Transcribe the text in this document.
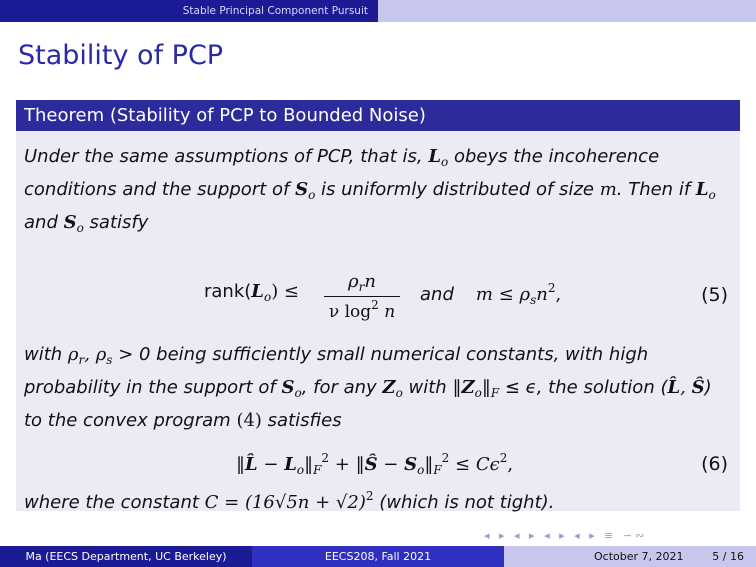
Stable Principal Component Pursuit
Stability of PCP
Theorem (Stability of PCP to Bounded Noise)
Under the same assumptions of PCP, that is, $L_o$ obeys the incoherence conditions and the support of $S_o$ is uniformly distributed of size m. Then if $L_o$ and $S_o$ satisfy
$rank(L_o)$ ≤	$\rho_rn$
ν $\log^2 n$
and $m \le \rho_sn^2$,	(5)
with $\rho_r$, $\rho_s > 0$ being sufficiently small numerical constants, with high probability in the support of $S_o$, for any $Z_o$ with $‖Z_o‖_F \le \epsilon$, the solution (L̂, Ŝ) to the convex program (4) satisfies
‖L̂ − $L_o‖_F^2$ + ‖Ŝ − $S_o‖_F^2 \le C\epsilon^2$,	(6)
where the constant $C = (16√5n + √2)^2$ (which is not tight).
◂ ▸ ◂ ▸ ◂ ▸ ◂ ▸ ≡ ∽∾
Ma (EECS Department, UC Berkeley)	EECS208, Fall 2021	October 7, 2021	5 / 16
